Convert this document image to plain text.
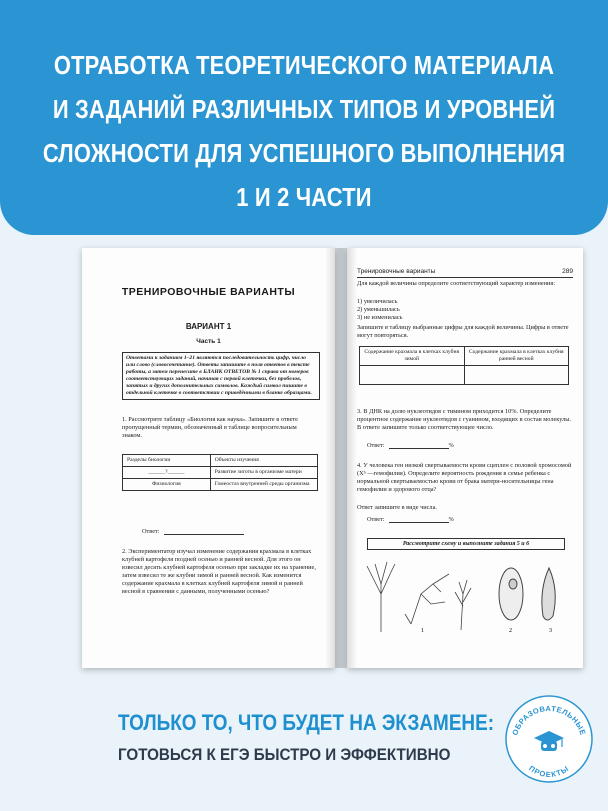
ОТРАБОТКА ТЕОРЕТИЧЕСКОГО МАТЕРИАЛА
И ЗАДАНИЙ РАЗЛИЧНЫХ ТИПОВ И УРОВНЕЙ
СЛОЖНОСТИ ДЛЯ УСПЕШНОГО ВЫПОЛНЕНИЯ
1 И 2 ЧАСТИ
ТРЕНИРОВОЧНЫЕ ВАРИАНТЫ
ВАРИАНТ 1
Часть 1
Ответами к заданиям 1–21 являются последовательность цифр, число или слово (словосочетание). Ответы запишите в поля ответов в тексте работы, а затем перенесите в БЛАНК ОТВЕТОВ № 1 справа от номеров соответствующих заданий, начиная с первой клеточки, без пробелов, запятых и других дополнительных символов. Каждый символ пишите в отдельной клеточке в соответствии с приведёнными в бланке образцами.
1. Рассмотрите таблицу «Биология как наука». Запишите в ответе пропущенный термин, обозначенный в таблице вопросительным знаком.
Разделы биологии	Объекты изучения
______?______	Развитие зиготы в организме матери
Физиология	Гомеостаз внутренней среды организма
Ответ:
2. Экспериментатор изучал изменение содержания крахмала в клетках клубней картофеля поздней осенью и ранней весной. Для этого он взвесил десять клубней картофеля осенью при закладке их на хранение, затем взвесил те же клубни зимой и ранней весной. Как изменится содержание крахмала в клетках клубней картофеля зимой и ранней весной в сравнении с данными, полученными осенью?
Тренировочные варианты	289
Для каждой величины определите соответствующий характер изменения:
1) увеличилась
2) уменьшилась
3) не изменилась
Запишите в таблицу выбранные цифры для каждой величины. Цифры в ответе могут повторяться.
Содержание крахмала в клетках клубня зимой	Содержание крахмала в клетках клубня ранней весной

3. В ДНК на долю нуклеотидов с тимином приходится 10%. Определите процентное содержание нуклеотидов с гуанином, входящих в состав молекулы. В ответе запишите только соответствующее число.
Ответ:	%
4. У человека ген низкой свертываемости крови сцеплен с половой хромосомой (Xʰ —гемофилия). Определите вероятность рождения в семье ребенка с нормальной свертываемостью крови от брака матери-носительницы гена гемофилии и здорового отца?
Ответ запишите в виде числа.
Ответ:	%
Рассмотрите схему и выполните задания 5 и 6
1	2	3
ТОЛЬКО ТО, ЧТО БУДЕТ НА ЭКЗАМЕНЕ:
ГОТОВЬСЯ К ЕГЭ БЫСТРО И ЭФФЕКТИВНО
ОБРАЗОВАТЕЛЬНЫЕ
ПРОЕКТЫ
